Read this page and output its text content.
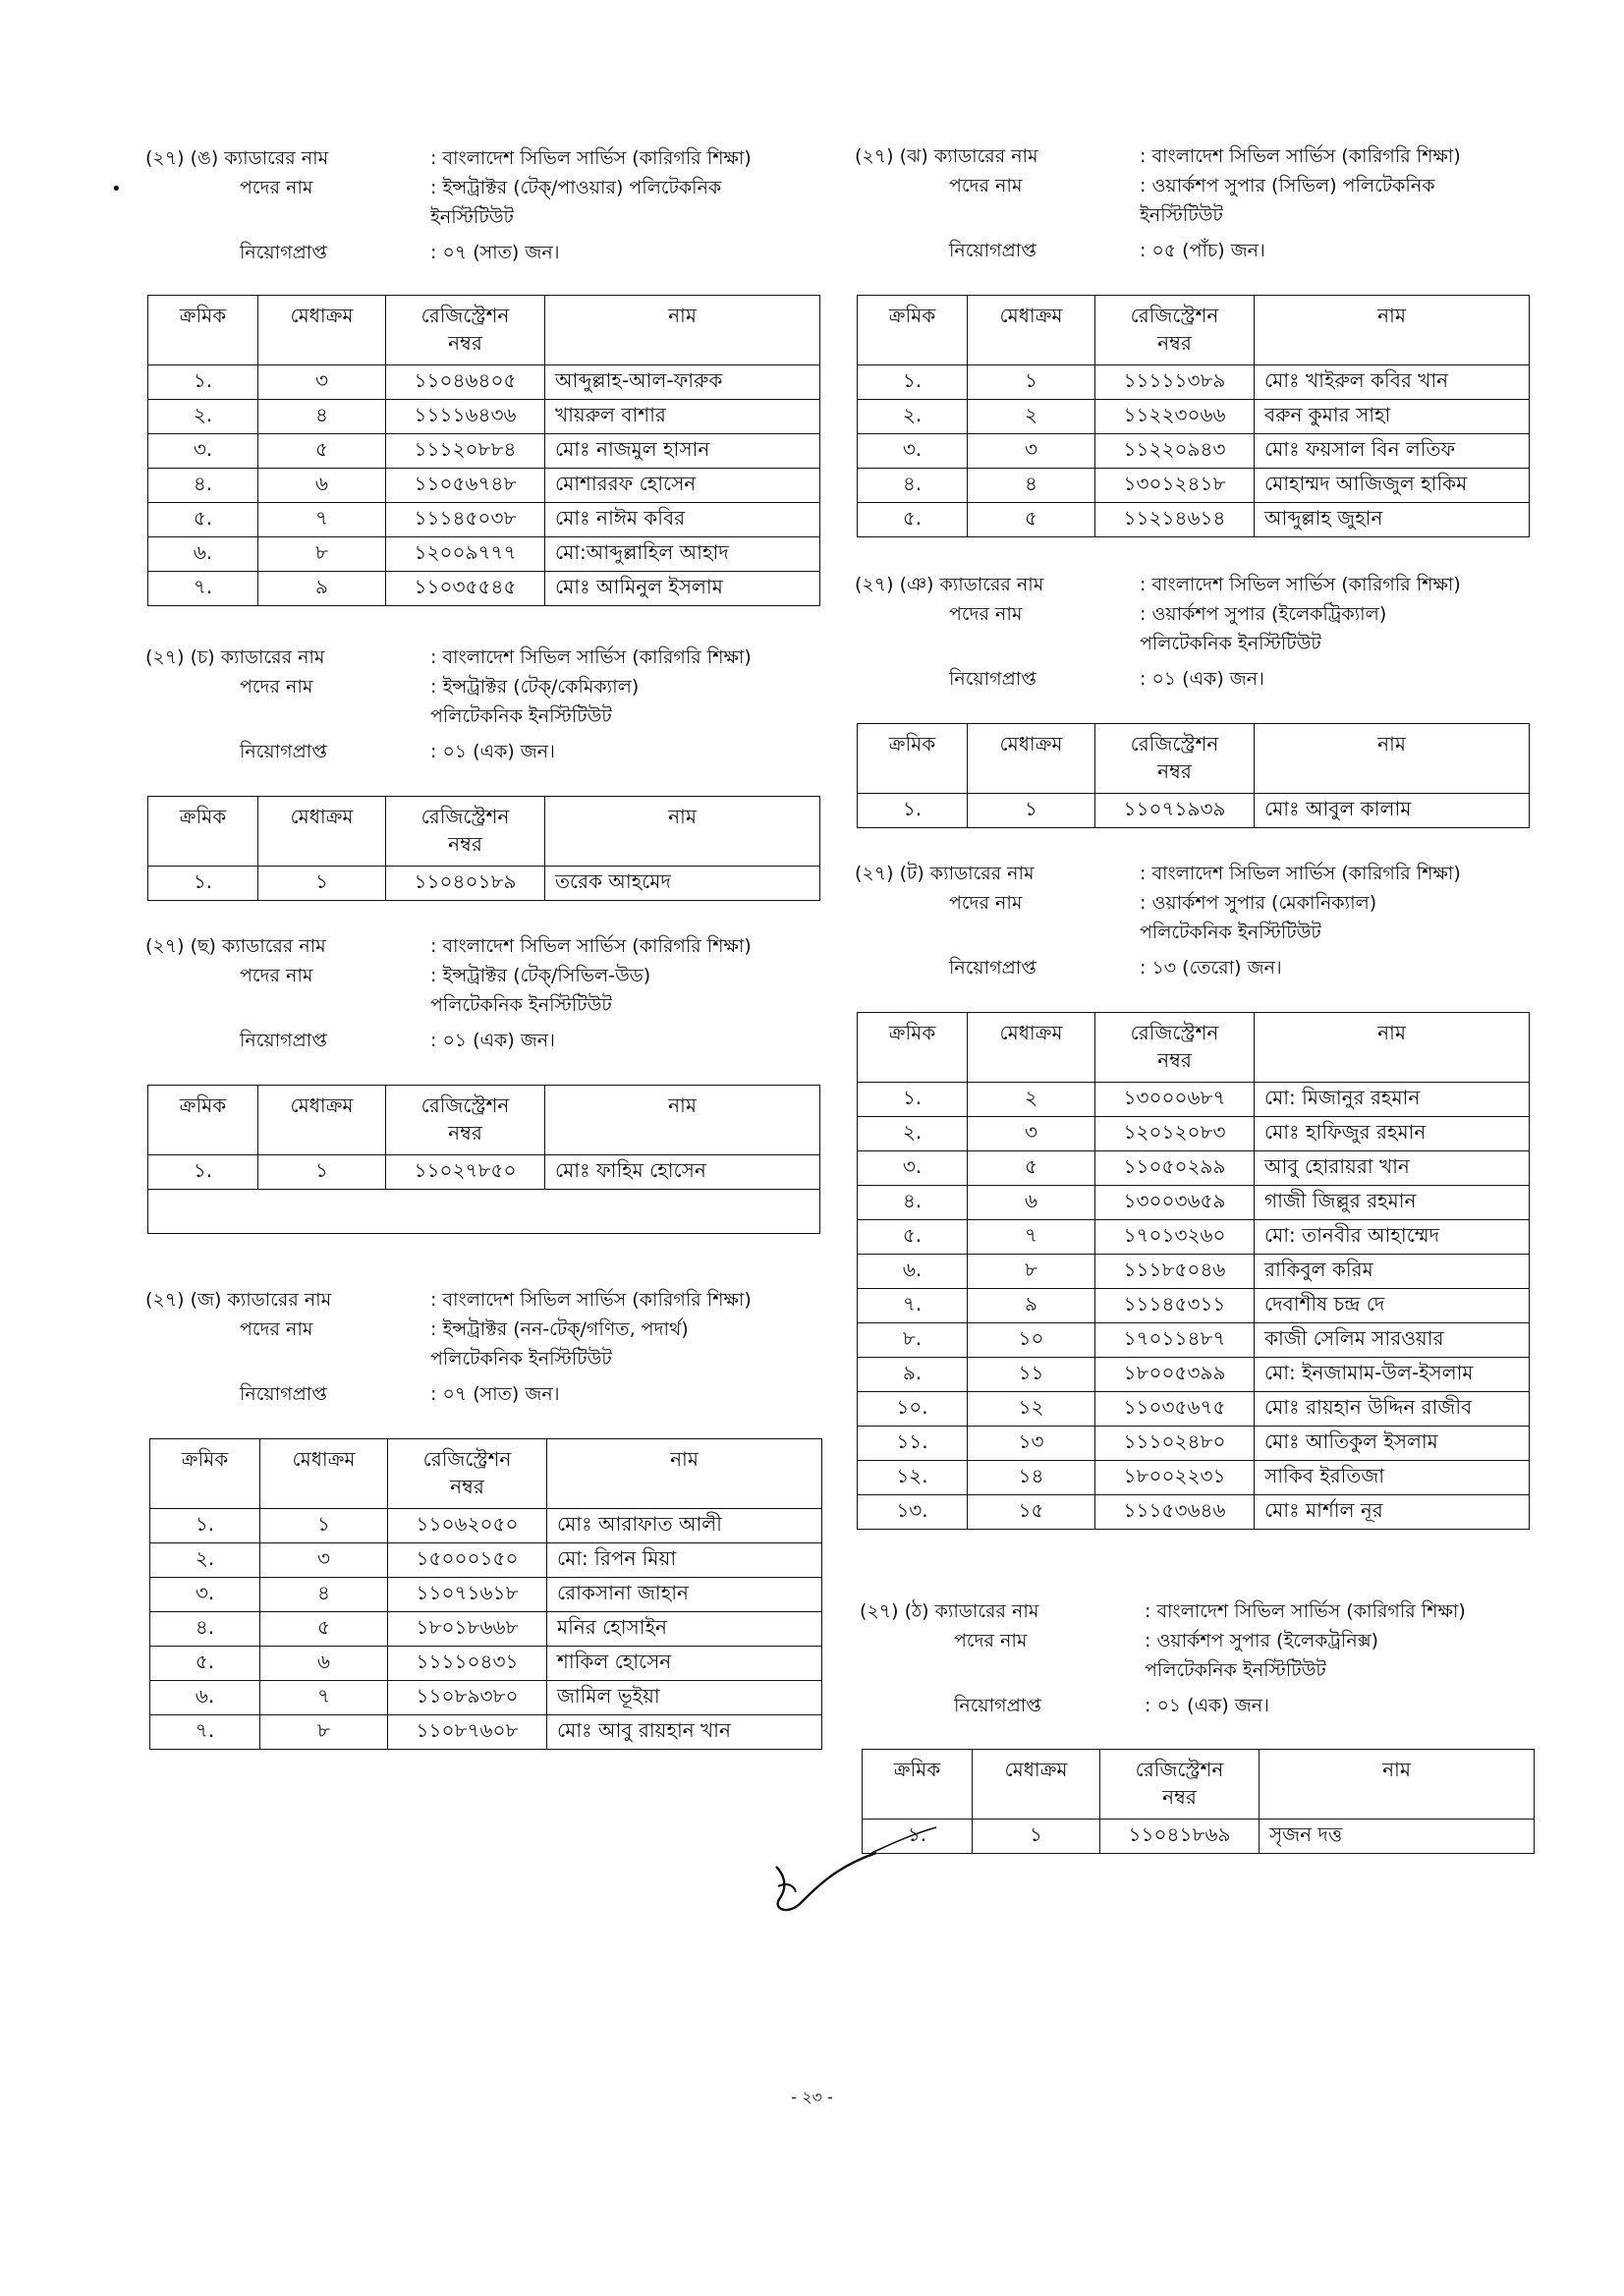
•
- ২৩ -
(২৭) (ঙ) ক্যাডারের নাম	: বাংলাদেশ সিভিল সার্ভিস (কারিগরি শিক্ষা)
পদের নাম	: ইন্সট্রাক্টর (টেক্/পাওয়ার) পলিটেকনিক
ইনস্টিটিউট
নিয়োগপ্রাপ্ত	: ০৭ (সাত) জন।
ক্রমিক	মেধাক্রম	রেজিস্ট্রেশন নম্বর	নাম
১.	৩	১১০৪৬৪০৫	আব্দুল্লাহ-আল-ফারুক
২.	৪	১১১১৬৪৩৬	খায়রুল বাশার
৩.	৫	১১১২০৮৮৪	মোঃ নাজমুল হাসান
৪.	৬	১১০৫৬৭৪৮	মোশাররফ হোসেন
৫.	৭	১১১৪৫০৩৮	মোঃ নাঈম কবির
৬.	৮	১২০০৯৭৭৭	মো:আব্দুল্লাহিল আহাদ
৭.	৯	১১০৩৫৫৪৫	মোঃ আমিনুল ইসলাম
(২৭) (চ) ক্যাডারের নাম	: বাংলাদেশ সিভিল সার্ভিস (কারিগরি শিক্ষা)
পদের নাম	: ইন্সট্রাক্টর (টেক্/কেমিক্যাল)
পলিটেকনিক ইনস্টিটিউট
নিয়োগপ্রাপ্ত	: ০১ (এক) জন।
ক্রমিক	মেধাক্রম	রেজিস্ট্রেশন নম্বর	নাম
১.	১	১১০৪০১৮৯	তরেক আহমেদ
(২৭) (ছ) ক্যাডারের নাম	: বাংলাদেশ সিভিল সার্ভিস (কারিগরি শিক্ষা)
পদের নাম	: ইন্সট্রাক্টর (টেক্/সিভিল-উড)
পলিটেকনিক ইনস্টিটিউট
নিয়োগপ্রাপ্ত	: ০১ (এক) জন।
ক্রমিক	মেধাক্রম	রেজিস্ট্রেশন নম্বর	নাম
১.	১	১১০২৭৮৫০	মোঃ ফাহিম হোসেন

(২৭) (জ) ক্যাডারের নাম	: বাংলাদেশ সিভিল সার্ভিস (কারিগরি শিক্ষা)
পদের নাম	: ইন্সট্রাক্টর (নন-টেক্/গণিত, পদার্থ)
পলিটেকনিক ইনস্টিটিউট
নিয়োগপ্রাপ্ত	: ০৭ (সাত) জন।
ক্রমিক	মেধাক্রম	রেজিস্ট্রেশন নম্বর	নাম
১.	১	১১০৬২০৫০	মোঃ আরাফাত আলী
২.	৩	১৫০০০১৫০	মো: রিপন মিয়া
৩.	৪	১১০৭১৬১৮	রোকসানা জাহান
৪.	৫	১৮০১৮৬৬৮	মনির হোসাইন
৫.	৬	১১১১০৪৩১	শাকিল হোসেন
৬.	৭	১১০৮৯৩৮০	জামিল ভূইয়া
৭.	৮	১১০৮৭৬০৮	মোঃ আবু রায়হান খান
(২৭) (ঝ) ক্যাডারের নাম	: বাংলাদেশ সিভিল সার্ভিস (কারিগরি শিক্ষা)
পদের নাম	: ওয়ার্কশপ সুপার (সিভিল) পলিটেকনিক
ইনস্টিটিউট
নিয়োগপ্রাপ্ত	: ০৫ (পাঁচ) জন।
ক্রমিক	মেধাক্রম	রেজিস্ট্রেশন নম্বর	নাম
১.	১	১১১১১৩৮৯	মোঃ খাইরুল কবির খান
২.	২	১১২২৩০৬৬	বরুন কুমার সাহা
৩.	৩	১১২২০৯৪৩	মোঃ ফয়সাল বিন লতিফ
৪.	৪	১৩০১২৪১৮	মোহাম্মদ আজিজুল হাকিম
৫.	৫	১১২১৪৬১৪	আব্দুল্লাহ জুহান
(২৭) (ঞ) ক্যাডারের নাম	: বাংলাদেশ সিভিল সার্ভিস (কারিগরি শিক্ষা)
পদের নাম	: ওয়ার্কশপ সুপার (ইলেকট্রিক্যাল)
পলিটেকনিক ইনস্টিটিউট
নিয়োগপ্রাপ্ত	: ০১ (এক) জন।
ক্রমিক	মেধাক্রম	রেজিস্ট্রেশন নম্বর	নাম
১.	১	১১০৭১৯৩৯	মোঃ আবুল কালাম
(২৭) (ট) ক্যাডারের নাম	: বাংলাদেশ সিভিল সার্ভিস (কারিগরি শিক্ষা)
পদের নাম	: ওয়ার্কশপ সুপার (মেকানিক্যাল)
পলিটেকনিক ইনস্টিটিউট
নিয়োগপ্রাপ্ত	: ১৩ (তেরো) জন।
ক্রমিক	মেধাক্রম	রেজিস্ট্রেশন নম্বর	নাম
১.	২	১৩০০০৬৮৭	মো: মিজানুর রহমান
২.	৩	১২০১২০৮৩	মোঃ হাফিজুর রহমান
৩.	৫	১১০৫০২৯৯	আবু হোরায়রা খান
৪.	৬	১৩০০৩৬৫৯	গাজী জিল্লুর রহমান
৫.	৭	১৭০১৩২৬০	মো: তানবীর আহাম্মেদ
৬.	৮	১১১৮৫০৪৬	রাকিবুল করিম
৭.	৯	১১১৪৫৩১১	দেবাশীষ চন্দ্র দে
৮.	১০	১৭০১১৪৮৭	কাজী সেলিম সারওয়ার
৯.	১১	১৮০০৫৩৯৯	মো: ইনজামাম-উল-ইসলাম
১০.	১২	১১০৩৫৬৭৫	মোঃ রায়হান উদ্দিন রাজীব
১১.	১৩	১১১০২৪৮০	মোঃ আতিকুল ইসলাম
১২.	১৪	১৮০০২২৩১	সাকিব ইরতিজা
১৩.	১৫	১১১৫৩৬৪৬	মোঃ মার্শাল নূর
(২৭) (ঠ) ক্যাডারের নাম	: বাংলাদেশ সিভিল সার্ভিস (কারিগরি শিক্ষা)
পদের নাম	: ওয়ার্কশপ সুপার (ইলেকট্রনিক্স)
পলিটেকনিক ইনস্টিটিউট
নিয়োগপ্রাপ্ত	: ০১ (এক) জন।
ক্রমিক	মেধাক্রম	রেজিস্ট্রেশন নম্বর	নাম
১.	১	১১০৪১৮৬৯	সৃজন দত্ত
